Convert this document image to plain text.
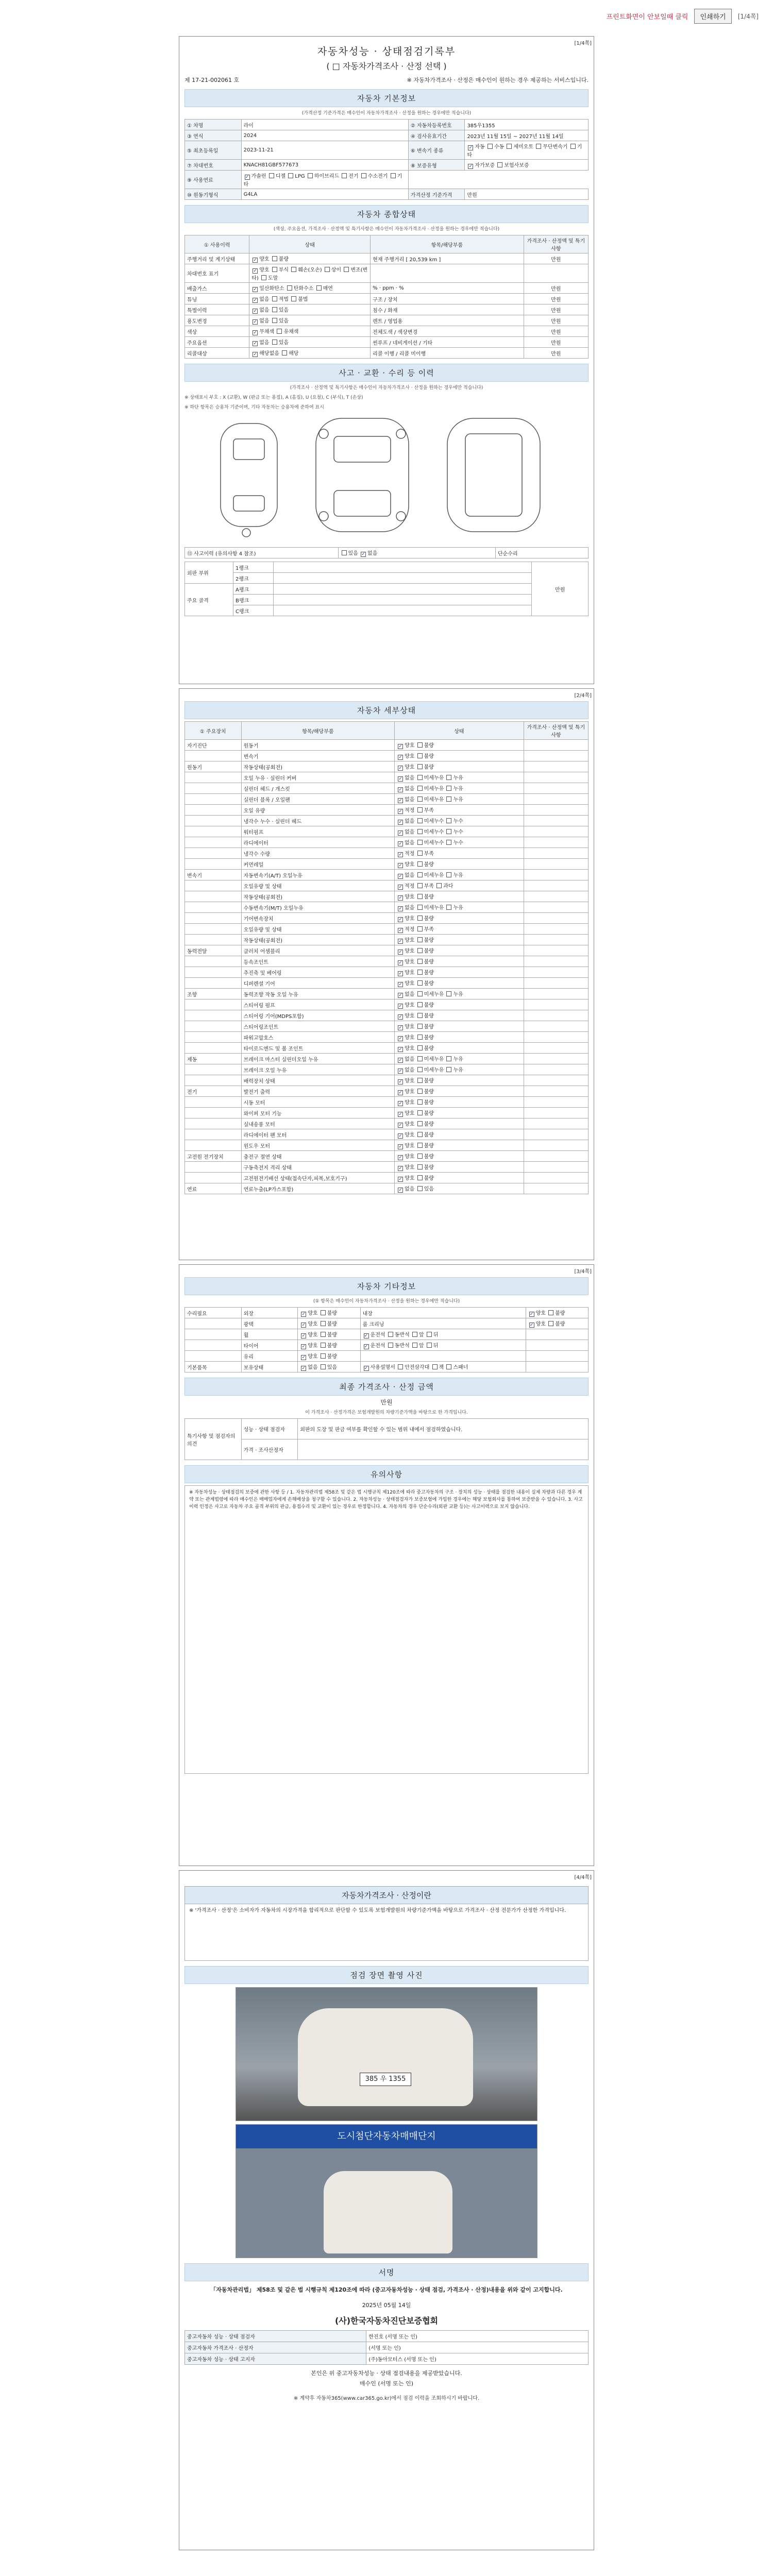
프린트화면이 안보일때 클릭	인쇄하기	[1/4쪽]
[1/4쪽]
자동차성능 · 상태점검기록부
( □ 자동차가격조사 · 산정 선택 )
제 17-21-002061 호	※ 자동차가격조사 · 산정은 매수인이 원하는 경우 제공하는 서비스입니다.
자동차 기본정보
(가격산정 기준가격은 매수인이 자동차가격조사 · 산정을 원하는 경우에만 적습니다)
① 차명	라이	② 자동차등록번호	385우1355
③ 연식	2024	④ 검사유효기간	2023년 11월 15일 ~ 2027년 11월 14일
⑤ 최초등록일	2023-11-21	⑥ 변속기 종류	✓ 자동 수동 세미오토 무단변속기 기타
⑦ 차대번호	KNACH81GBF577673	⑧ 보증유형	✓ 자가보증 보험사보증
⑨ 사용연료	✓ 가솔린 디젤 LPG 하이브리드 전기 수소전기 기타		
⑩ 원동기형식	G4LA	가격산정 기준가격	만원
자동차 종합상태
(색상, 주요옵션, 가격조사 · 산정액 및 특기사항은 매수인이 자동차가격조사 · 산정을 원하는 경우에만 적습니다)
① 사용이력	상태	항목/해당부품	가격조사 · 산정액 및 특기사항
주행거리 및 계기상태	✓ 양호 불량	현재 주행거리 [ 20,539 km ]	만원
차대번호 표기	✓ 양호 부식 훼손(오손) 상이 변조(변타) 도말		
배출가스	✓ 일산화탄소 탄화수소 매연	% · ppm · %	만원
튜닝	✓ 없음 적법 불법	구조 / 장치	만원
특별이력	✓ 없음 있음	침수 / 화재	만원
용도변경	✓ 없음 있음	렌트 / 영업용	만원
색상	✓ 무채색 유채색	전체도색 / 색상변경	만원
주요옵션	✓ 없음 있음	썬루프 / 네비게이션 / 기타	만원
리콜대상	✓ 해당없음 해당	리콜 이행 / 리콜 미이행	만원
사고 · 교환 · 수리 등 이력
(가격조사 · 산정액 및 특기사항은 매수인이 자동차가격조사 · 산정을 원하는 경우에만 적습니다)
※ 상태표시 부호 : X (교환), W (판금 또는 용접), A (흠집), U (요철), C (부식), T (손상)
※ 하단 항목은 승용차 기준이며, 기타 자동차는 승용차에 준하여 표시
⑬ 사고이력 (유의사항 4 참조)	있음 ✓ 없음	단순수리
외판 부위	1랭크		만원
	2랭크		
주요 골격	A랭크		
	B랭크		
	C랭크		
[2/4쪽]
자동차 세부상태
① 주요장치	항목/해당부품	상태	가격조사 · 산정액 및 특기사항
자기진단	원동기	✓ 양호 불량	
	변속기	✓ 양호 불량	
원동기	작동상태(공회전)	✓ 양호 불량	
	오일 누유 · 실린더 커버	✓ 없음 미세누유 누유	
	실린더 헤드 / 개스킷	✓ 없음 미세누유 누유	
	실린더 블록 / 오일팬	✓ 없음 미세누유 누유	
	오일 유량	✓ 적정 부족	
	냉각수 누수 · 실린더 헤드	✓ 없음 미세누수 누수	
	워터펌프	✓ 없음 미세누수 누수	
	라디에이터	✓ 없음 미세누수 누수	
	냉각수 수량	✓ 적정 부족	
	커먼레일	✓ 양호 불량	
변속기	자동변속기(A/T) 오일누유	✓ 없음 미세누유 누유	
	오일유량 및 상태	✓ 적정 부족 과다	
	작동상태(공회전)	✓ 양호 불량	
	수동변속기(M/T) 오일누유	✓ 없음 미세누유 누유	
	기어변속장치	✓ 양호 불량	
	오일유량 및 상태	✓ 적정 부족	
	작동상태(공회전)	✓ 양호 불량	
동력전달	클러치 어셈블리	✓ 양호 불량	
	등속조인트	✓ 양호 불량	
	추진축 및 베어링	✓ 양호 불량	
	디퍼렌셜 기어	✓ 양호 불량	
조향	동력조향 작동 오일 누유	✓ 없음 미세누유 누유	
	스티어링 펌프	✓ 양호 불량	
	스티어링 기어(MDPS포함)	✓ 양호 불량	
	스티어링조인트	✓ 양호 불량	
	파워고압호스	✓ 양호 불량	
	타이로드엔드 및 볼 조인트	✓ 양호 불량	
제동	브레이크 마스터 실린더오일 누유	✓ 없음 미세누유 누유	
	브레이크 오일 누유	✓ 없음 미세누유 누유	
	배력장치 상태	✓ 양호 불량	
전기	발전기 출력	✓ 양호 불량	
	시동 모터	✓ 양호 불량	
	와이퍼 모터 기능	✓ 양호 불량	
	실내송풍 모터	✓ 양호 불량	
	라디에이터 팬 모터	✓ 양호 불량	
	윈도우 모터	✓ 양호 불량	
고전원 전기장치	충전구 절연 상태	✓ 양호 불량	
	구동축전지 격리 상태	✓ 양호 불량	
	고전원전기배선 상태(접속단자,피복,보호기구)	✓ 양호 불량	
연료	연료누출(LP가스포함)	✓ 없음 있음	
[3/4쪽]
자동차 기타정보
(① 항목은 매수인이 자동차가격조사 · 산정을 원하는 경우에만 적습니다)
수리필요	외장	✓ 양호 불량	내장	✓ 양호 불량
	광택	✓ 양호 불량	룸 크리닝	✓ 양호 불량
	휠	✓ 양호 불량	✓ 운전석 동반석 앞 뒤	
	타이어	✓ 양호 불량	✓ 운전석 동반석 앞 뒤	
	유리	✓ 양호 불량		
기본품목	보유상태	✓ 없음 있음	✓ 사용설명서 안전삼각대 잭 스패너	
최종 가격조사 · 산정 금액
만원
이 가격조사 · 산정가격은 보험개발원의 차량기준가액을 바탕으로 한 가격입니다.
특기사항 및 점검자의 의견	성능 · 상태 점검자	외판의 도장 및 판금 여부를 확인할 수 있는 범위 내에서 점검하였습니다.
	가격 · 조사산정자	
유의사항
※ 자동차성능 · 상태점검의 보증에 관한 사항 등 / 1. 자동차관리법 제58조 및 같은 법 시행규칙 제120조에 따라 중고자동차의 구조 · 장치의 성능 · 상태를 점검한 내용이 실제 차량과 다른 경우 계약 또는 관계법령에 따라 매수인은 매매업자에게 손해배상을 청구할 수 있습니다. 2. 자동차성능 · 상태점검자가 보증보험에 가입한 경우에는 해당 보험회사를 통하여 보증받을 수 있습니다. 3. 사고이력 인정은 사고로 자동차 주요 골격 부위의 판금, 용접수리 및 교환이 있는 경우로 한정합니다. 4. 자동차의 경우 단순수리(외판 교환 등)는 사고이력으로 보지 않습니다.
[4/4쪽]
자동차가격조사 · 산정이란
※ '가격조사 · 산정'은 소비자가 자동차의 시장가격을 합리적으로 판단할 수 있도록 보험개발원의 차량기준가액을 바탕으로 가격조사 · 산정 전문가가 산정한 가격입니다.
점검 장면 촬영 사진
385 우 1355
도시첨단자동차매매단지
서명
「자동차관리법」 제58조 및 같은 법 시행규칙 제120조에 따라 (중고자동차성능 · 상태 점검, 가격조사 · 산정)내용을 위와 같이 고지합니다.
2025년 05월 14일
(사)한국자동차진단보증협회
중고자동차 성능 · 상태 점검자	한진호 (서명 또는 인)
중고자동차 가격조사 · 산정자	(서명 또는 인)
중고자동차 성능 · 상태 고지자	(주)동아모터스 (서명 또는 인)
본인은 위 중고자동차성능 · 상태 점검내용을 제공받았습니다.
매수인 (서명 또는 인)
※ 계약후 자동차365(www.car365.go.kr)에서 점검 이력을 조회하시기 바랍니다.
